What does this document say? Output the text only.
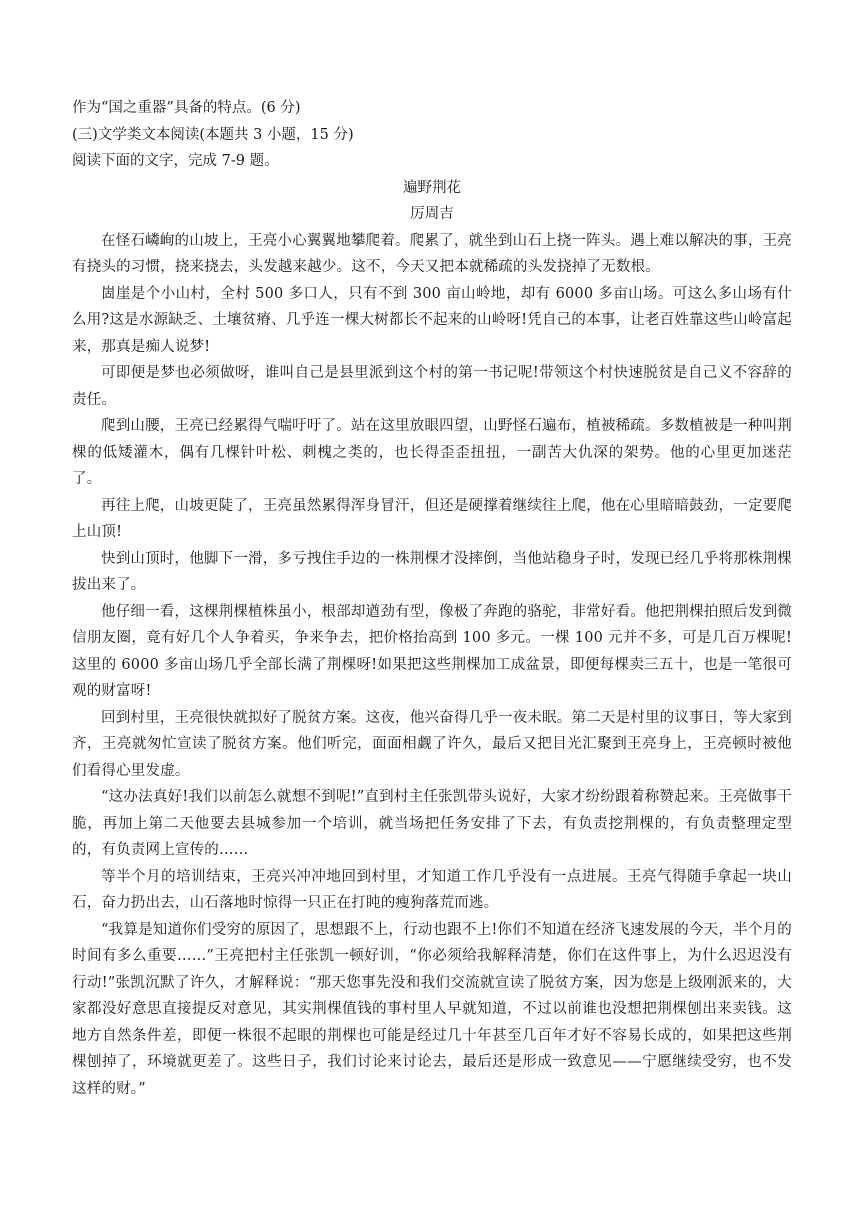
作为“国之重器”具备的特点。(6 分)

(三)文学类文本阅读(本题共 3 小题，15 分)

阅读下面的文字，完成 7-9 题。

遍野荆花

厉周吉

在怪石嶙峋的山坡上，王亮小心翼翼地攀爬着。爬累了，就坐到山石上挠一阵头。遇上难以解决的事，王亮有挠头的习惯，挠来挠去，头发越来越少。这不，今天又把本就稀疏的头发挠掉了无数根。

崮崖是个小山村，全村 500 多口人，只有不到 300 亩山岭地，却有 6000 多亩山场。可这么多山场有什么用?这是水源缺乏、土壤贫瘠、几乎连一棵大树都长不起来的山岭呀!凭自己的本事，让老百姓靠这些山岭富起来，那真是痴人说梦!

可即便是梦也必须做呀，谁叫自己是县里派到这个村的第一书记呢!带领这个村快速脱贫是自己义不容辞的责任。

爬到山腰，王亮已经累得气喘吁吁了。站在这里放眼四望，山野怪石遍布，植被稀疏。多数植被是一种叫荆棵的低矮灌木，偶有几棵针叶松、刺槐之类的，也长得歪歪扭扭，一副苦大仇深的架势。他的心里更加迷茫了。

再往上爬，山坡更陡了，王亮虽然累得浑身冒汗，但还是硬撑着继续往上爬，他在心里暗暗鼓劲，一定要爬上山顶!

快到山顶时，他脚下一滑，多亏拽住手边的一株荆棵才没摔倒，当他站稳身子时，发现已经几乎将那株荆棵拔出来了。

他仔细一看，这棵荆棵植株虽小，根部却遒劲有型，像极了奔跑的骆驼，非常好看。他把荆棵拍照后发到微信朋友圈，竟有好几个人争着买，争来争去，把价格抬高到 100 多元。一棵 100 元并不多，可是几百万棵呢!这里的 6000 多亩山场几乎全部长满了荆棵呀!如果把这些荆棵加工成盆景，即便每棵卖三五十，也是一笔很可观的财富呀!

回到村里，王亮很快就拟好了脱贫方案。这夜，他兴奋得几乎一夜未眠。第二天是村里的议事日，等大家到齐，王亮就匆忙宣读了脱贫方案。他们听完，面面相觑了许久，最后又把目光汇聚到王亮身上，王亮顿时被他们看得心里发虚。

“这办法真好!我们以前怎么就想不到呢!”直到村主任张凯带头说好，大家才纷纷跟着称赞起来。王亮做事干脆，再加上第二天他要去县城参加一个培训，就当场把任务安排了下去，有负责挖荆棵的，有负责整理定型的，有负责网上宣传的……

等半个月的培训结束，王亮兴冲冲地回到村里，才知道工作几乎没有一点进展。王亮气得随手拿起一块山石，奋力扔出去，山石落地时惊得一只正在打盹的瘦狗落荒而逃。

“我算是知道你们受穷的原因了，思想跟不上，行动也跟不上!你们不知道在经济飞速发展的今天，半个月的时间有多么重要……”王亮把村主任张凯一顿好训，“你必须给我解释清楚，你们在这件事上，为什么迟迟没有行动!”张凯沉默了许久，才解释说：“那天您事先没和我们交流就宣读了脱贫方案，因为您是上级刚派来的，大家都没好意思直接提反对意见，其实荆棵值钱的事村里人早就知道，不过以前谁也没想把荆棵刨出来卖钱。这地方自然条件差，即便一株很不起眼的荆棵也可能是经过几十年甚至几百年才好不容易长成的，如果把这些荆棵刨掉了，环境就更差了。这些日子，我们讨论来讨论去，最后还是形成一致意见——宁愿继续受穷，也不发这样的财。”
